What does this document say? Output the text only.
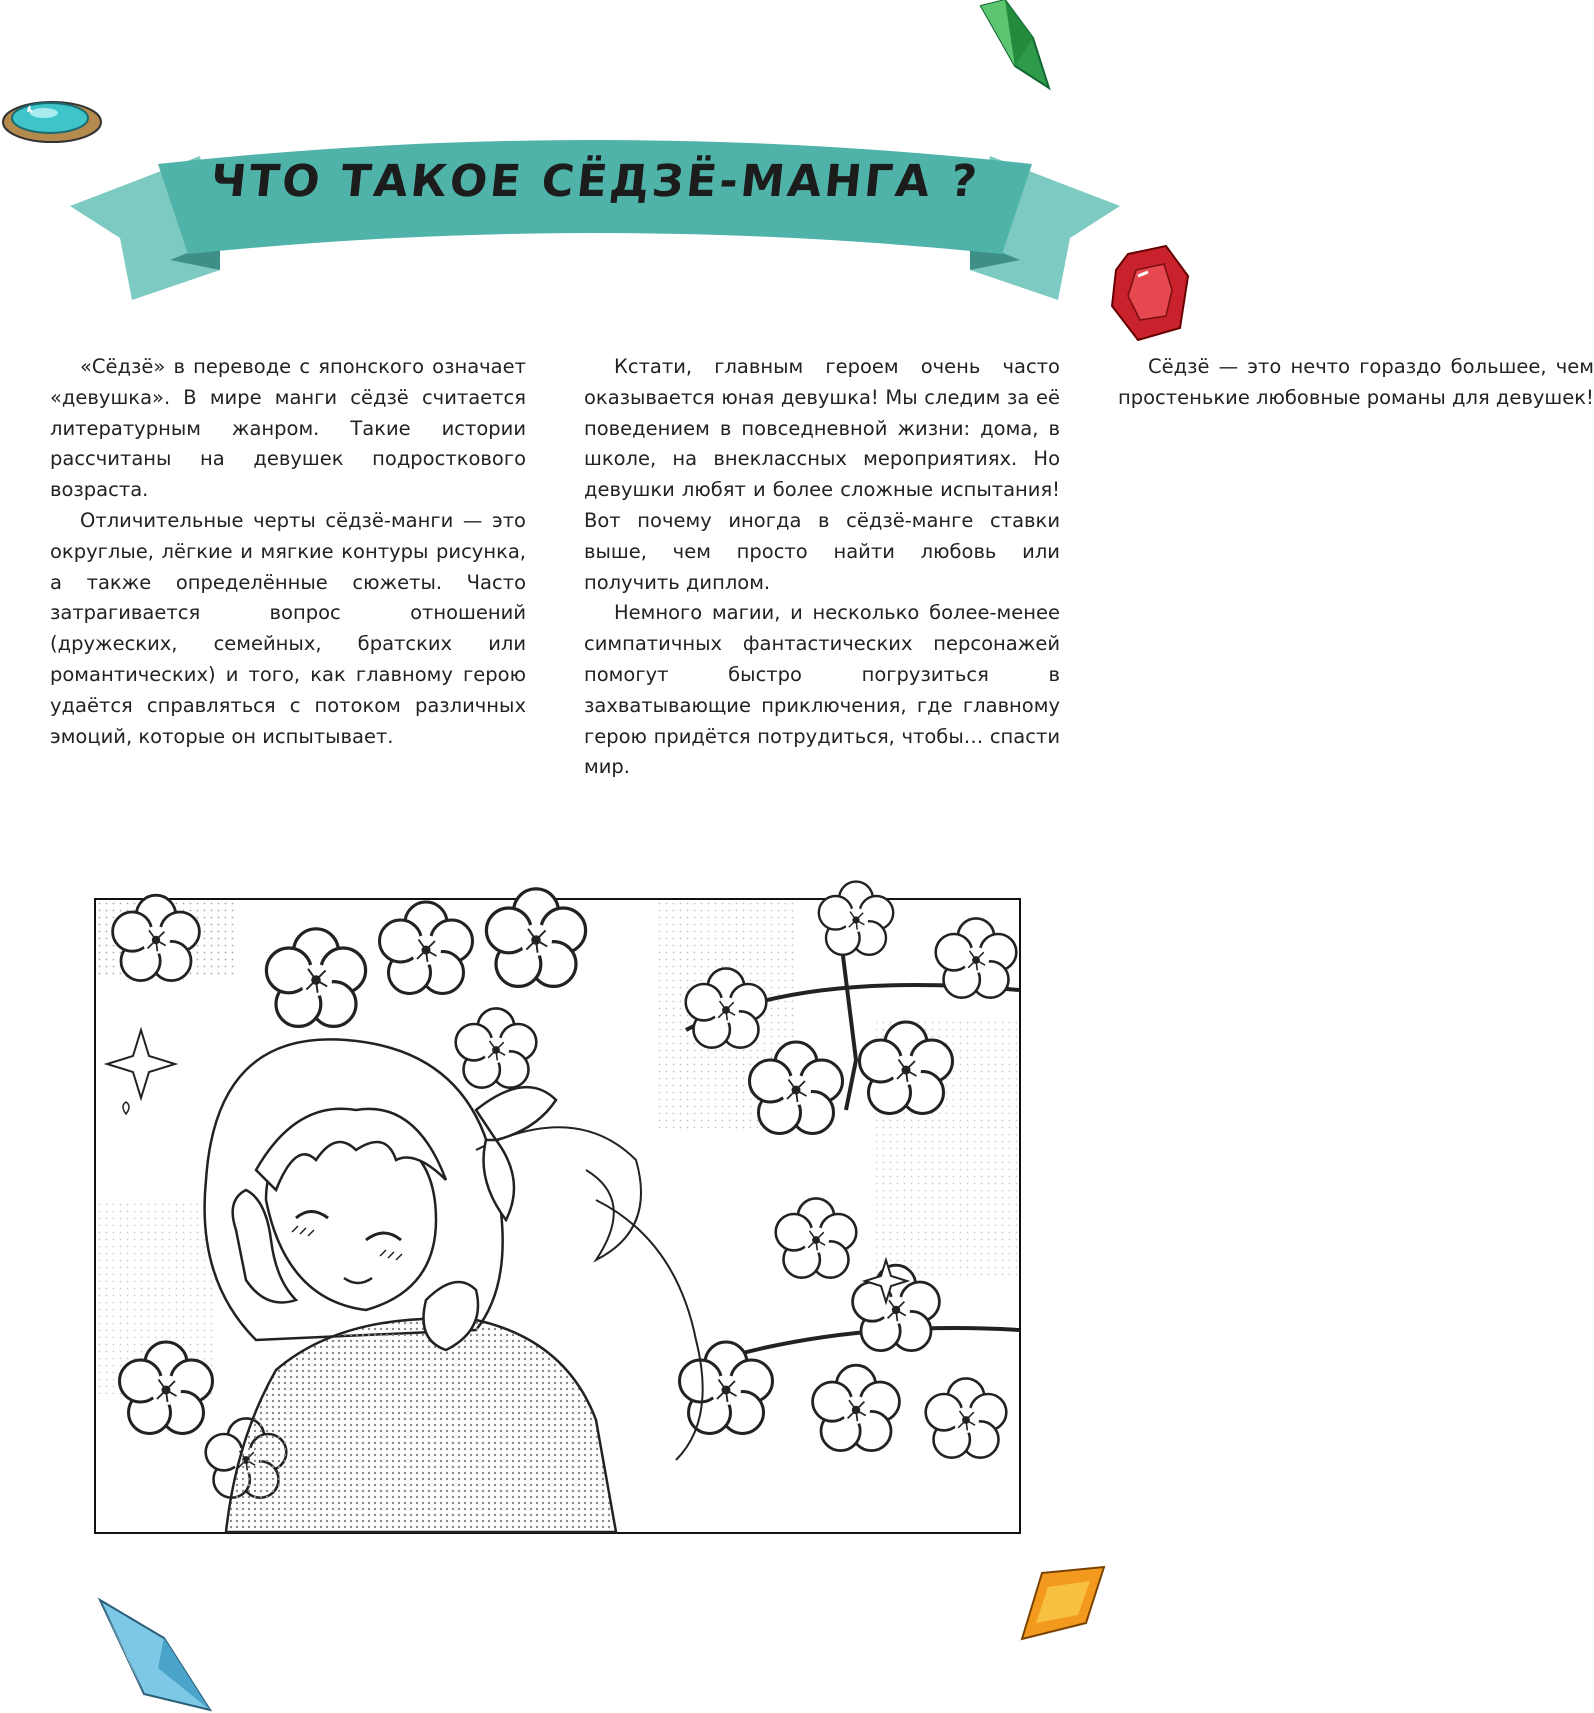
ЧТО ТАКОЕ СЁДЗЁ-МАНГА ?

«Сёдзё» в переводе с японского означает «девушка». В мире манги сёдзё считается литературным жанром. Такие истории рассчитаны на девушек подросткового возраста.

Отличительные черты сёдзё-манги — это округлые, лёгкие и мягкие контуры рисунка, а также определённые сюжеты. Часто затрагивается вопрос отношений (дружеских, семейных, братских или романтических) и того, как главному герою удаётся справляться с потоком различных эмоций, которые он испытывает.

Кстати, главным героем очень часто оказывается юная девушка! Мы следим за её поведением в повседневной жизни: дома, в школе, на внеклассных мероприятиях. Но девушки любят и более сложные испытания! Вот почему иногда в сёдзё-манге ставки выше, чем просто найти любовь или получить диплом.

Немного магии, и несколько более-менее симпатичных фантастических персонажей помогут быстро погрузиться в захватывающие приключения, где главному герою придётся потрудиться, чтобы… спасти мир.

Сёдзё — это нечто гораздо большее, чем простенькие любовные романы для девушек!
